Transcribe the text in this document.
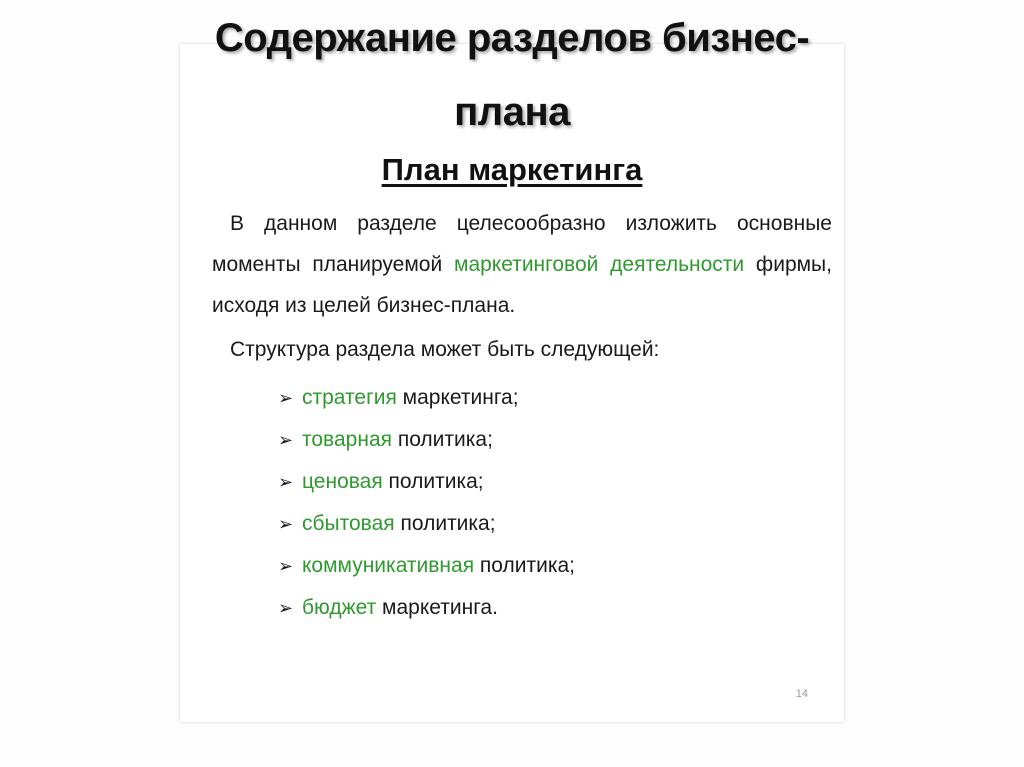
Содержание разделов бизнес-
плана
План маркетинга
В данном разделе целесообразно изложить основные моменты планируемой маркетинговой деятельности фирмы, исходя из целей бизнес-плана.
Структура раздела может быть следующей:
➢ стратегия маркетинга;
➢ товарная политика;
➢ ценовая политика;
➢ сбытовая политика;
➢ коммуникативная политика;
➢ бюджет маркетинга.
14
